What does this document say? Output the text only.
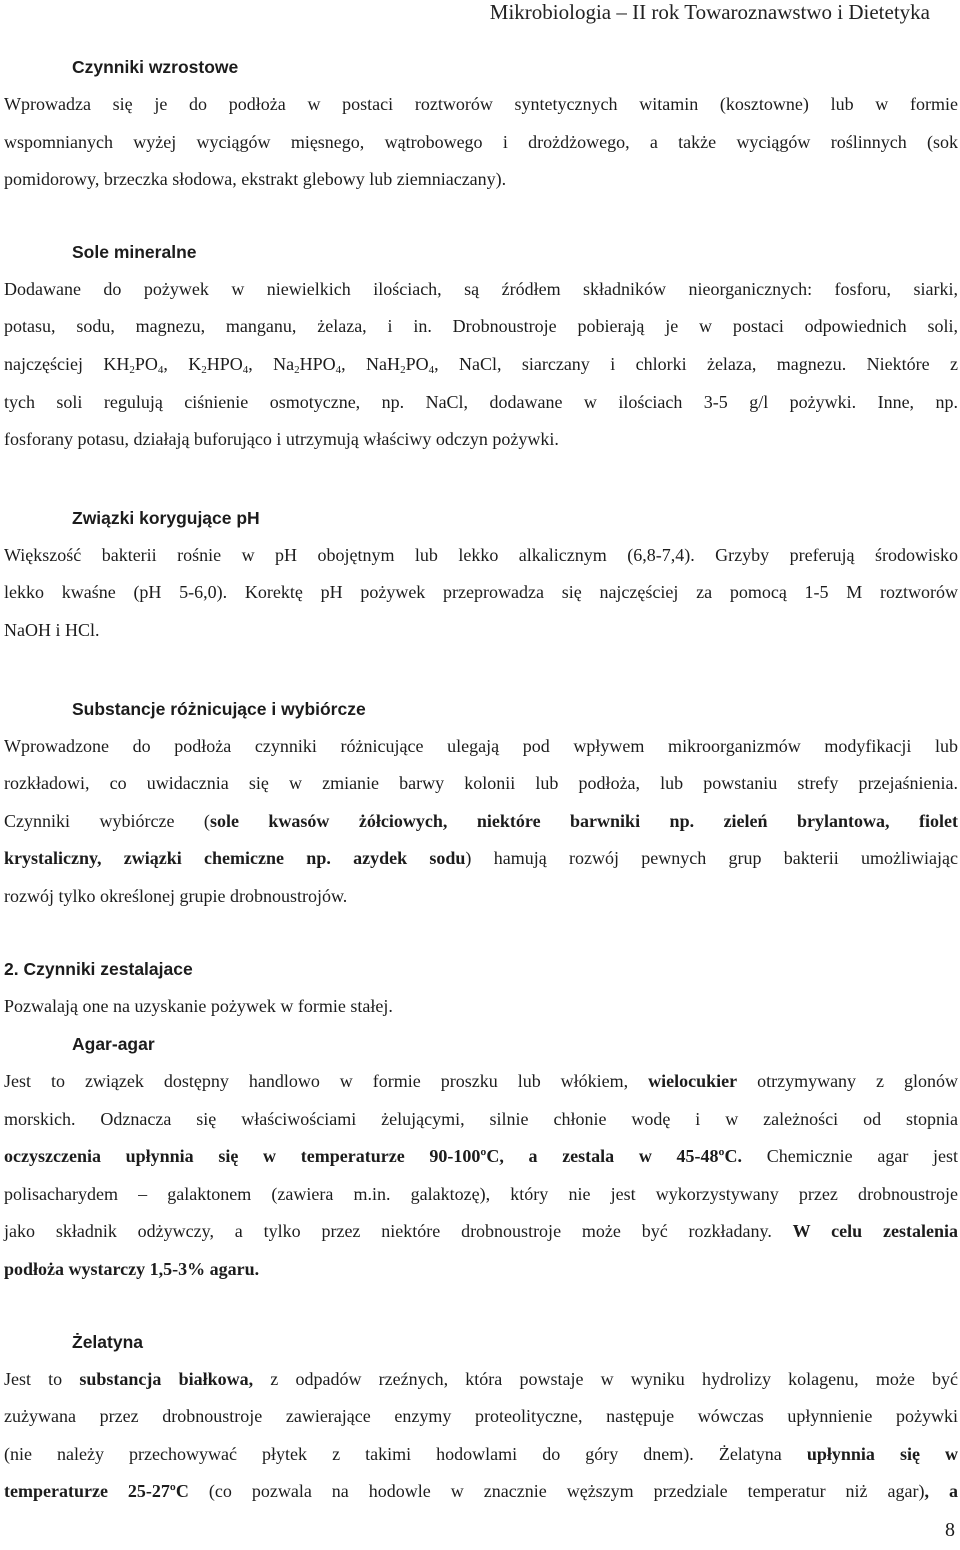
Mikrobiologia – II rok Towaroznawstwo i Dietetyka
Czynniki wzrostowe

Wprowadza się je do podłoża w postaci roztworów syntetycznych witamin (kosztowne) lub w formie

wspomnianych wyżej wyciągów mięsnego, wątrobowego i drożdżowego, a także wyciągów roślinnych (sok

pomidorowy, brzeczka słodowa, ekstrakt glebowy lub ziemniaczany).

Sole mineralne

Dodawane do pożywek w niewielkich ilościach, są źródłem składników nieorganicznych: fosforu, siarki,

potasu, sodu, magnezu, manganu, żelaza, i in. Drobnoustroje pobierają je w postaci odpowiednich soli,

najczęściej $KH_2PO_4$, $K_2HPO_4$, $Na_2HPO_4$, $NaH_2PO_4$, NaCl, siarczany i chlorki żelaza, magnezu. Niektóre z

tych soli regulują ciśnienie osmotyczne, np. NaCl, dodawane w ilościach 3-5 g/l pożywki. Inne, np.

fosforany potasu, działają buforująco i utrzymują właściwy odczyn pożywki.

Związki korygujące pH

Większość bakterii rośnie w pH obojętnym lub lekko alkalicznym (6,8-7,4). Grzyby preferują środowisko

lekko kwaśne (pH 5-6,0). Korektę pH pożywek przeprowadza się najczęściej za pomocą 1-5 M roztworów

NaOH i HCl.

Substancje różnicujące i wybiórcze

Wprowadzone do podłoża czynniki różnicujące ulegają pod wpływem mikroorganizmów modyfikacji lub

rozkładowi, co uwidacznia się w zmianie barwy kolonii lub podłoża, lub powstaniu strefy przejaśnienia.

Czynniki wybiórcze (sole kwasów żółciowych, niektóre barwniki np. zieleń brylantowa, fiolet

krystaliczny, związki chemiczne np. azydek sodu) hamują rozwój pewnych grup bakterii umożliwiając

rozwój tylko określonej grupie drobnoustrojów.

2. Czynniki zestalajace

Pozwalają one na uzyskanie pożywek w formie stałej.

Agar-agar

Jest to związek dostępny handlowo w formie proszku lub włókiem, wielocukier otrzymywany z glonów

morskich. Odznacza się właściwościami żelującymi, silnie chłonie wodę i w zależności od stopnia

oczyszczenia upłynnia się w temperaturze 90-100ºC, a zestala w 45-48ºC. Chemicznie agar jest

polisacharydem – galaktonem (zawiera m.in. galaktozę), który nie jest wykorzystywany przez drobnoustroje

jako składnik odżywczy, a tylko przez niektóre drobnoustroje może być rozkładany. W celu zestalenia

podłoża wystarczy 1,5-3% agaru.

Żelatyna

Jest to substancja białkowa, z odpadów rzeźnych, która powstaje w wyniku hydrolizy kolagenu, może być

zużywana przez drobnoustroje zawierające enzymy proteolityczne, następuje wówczas upłynnienie pożywki

(nie należy przechowywać płytek z takimi hodowlami do góry dnem). Żelatyna upłynnia się w

temperaturze 25-27ºC (co pozwala na hodowle w znacznie węższym przedziale temperatur niż agar), a

8
